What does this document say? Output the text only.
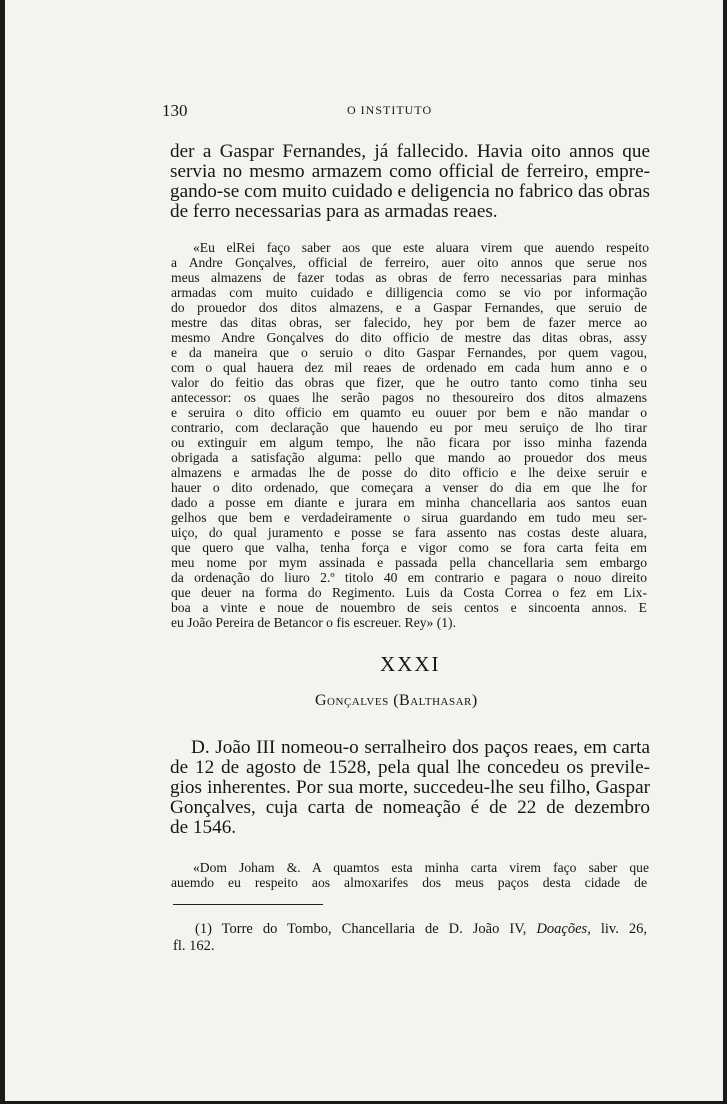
130	O INSTITUTO
der a Gaspar Fernandes, já fallecido. Havia oito annos que
servia no mesmo armazem como official de ferreiro, empre-
gando-se com muito cuidado e deligencia no fabrico das obras
de ferro necessarias para as armadas reaes.
«Eu elRei faço saber aos que este aluara virem que auendo respeito
a Andre Gonçalves, official de ferreiro, auer oito annos que serue nos
meus almazens de fazer todas as obras de ferro necessarias para minhas
armadas com muito cuidado e dilligencia como se vio por informação
do prouedor dos ditos almazens, e a Gaspar Fernandes, que seruio de
mestre das ditas obras, ser falecido, hey por bem de fazer merce ao
mesmo Andre Gonçalves do dito officio de mestre das ditas obras, assy
e da maneira que o seruio o dito Gaspar Fernandes, por quem vagou,
com o qual hauera dez mil reaes de ordenado em cada hum anno e o
valor do feitio das obras que fizer, que he outro tanto como tinha seu
antecessor: os quaes lhe serão pagos no thesoureiro dos ditos almazens
e seruira o dito officio em quamto eu ouuer por bem e não mandar o
contrario, com declaração que hauendo eu por meu seruiço de lho tirar
ou extinguir em algum tempo, lhe não ficara por isso minha fazenda
obrigada a satisfação alguma: pello que mando ao prouedor dos meus
almazens e armadas lhe de posse do dito officio e lhe deixe seruir e
hauer o dito ordenado, que começara a venser do dia em que lhe for
dado a posse em diante e jurara em minha chancellaria aos santos euan
gelhos que bem e verdadeiramente o sirua guardando em tudo meu ser-
uiço, do qual juramento e posse se fara assento nas costas deste aluara,
que quero que valha, tenha força e vigor como se fora carta feita em
meu nome por mym assinada e passada pella chancellaria sem embargo
da ordenação do liuro 2.º titolo 40 em contrario e pagara o nouo direito
que deuer na forma do Regimento. Luis da Costa Correa o fez em Lix-
boa a vinte e noue de nouembro de seis centos e sincoenta annos. E
eu João Pereira de Betancor o fis escreuer. Rey» (1).
XXXI
Gonçalves (Balthasar)
D. João III nomeou-o serralheiro dos paços reaes, em carta
de 12 de agosto de 1528, pela qual lhe concedeu os previle-
gios inherentes. Por sua morte, succedeu-lhe seu filho, Gaspar
Gonçalves, cuja carta de nomeação é de 22 de dezembro
de 1546.
«Dom Joham &. A quamtos esta minha carta virem faço saber que
auemdo eu respeito aos almoxarifes dos meus paços desta cidade de
(1) Torre do Tombo, Chancellaria de D. João IV, Doações, liv. 26,
fl. 162.
